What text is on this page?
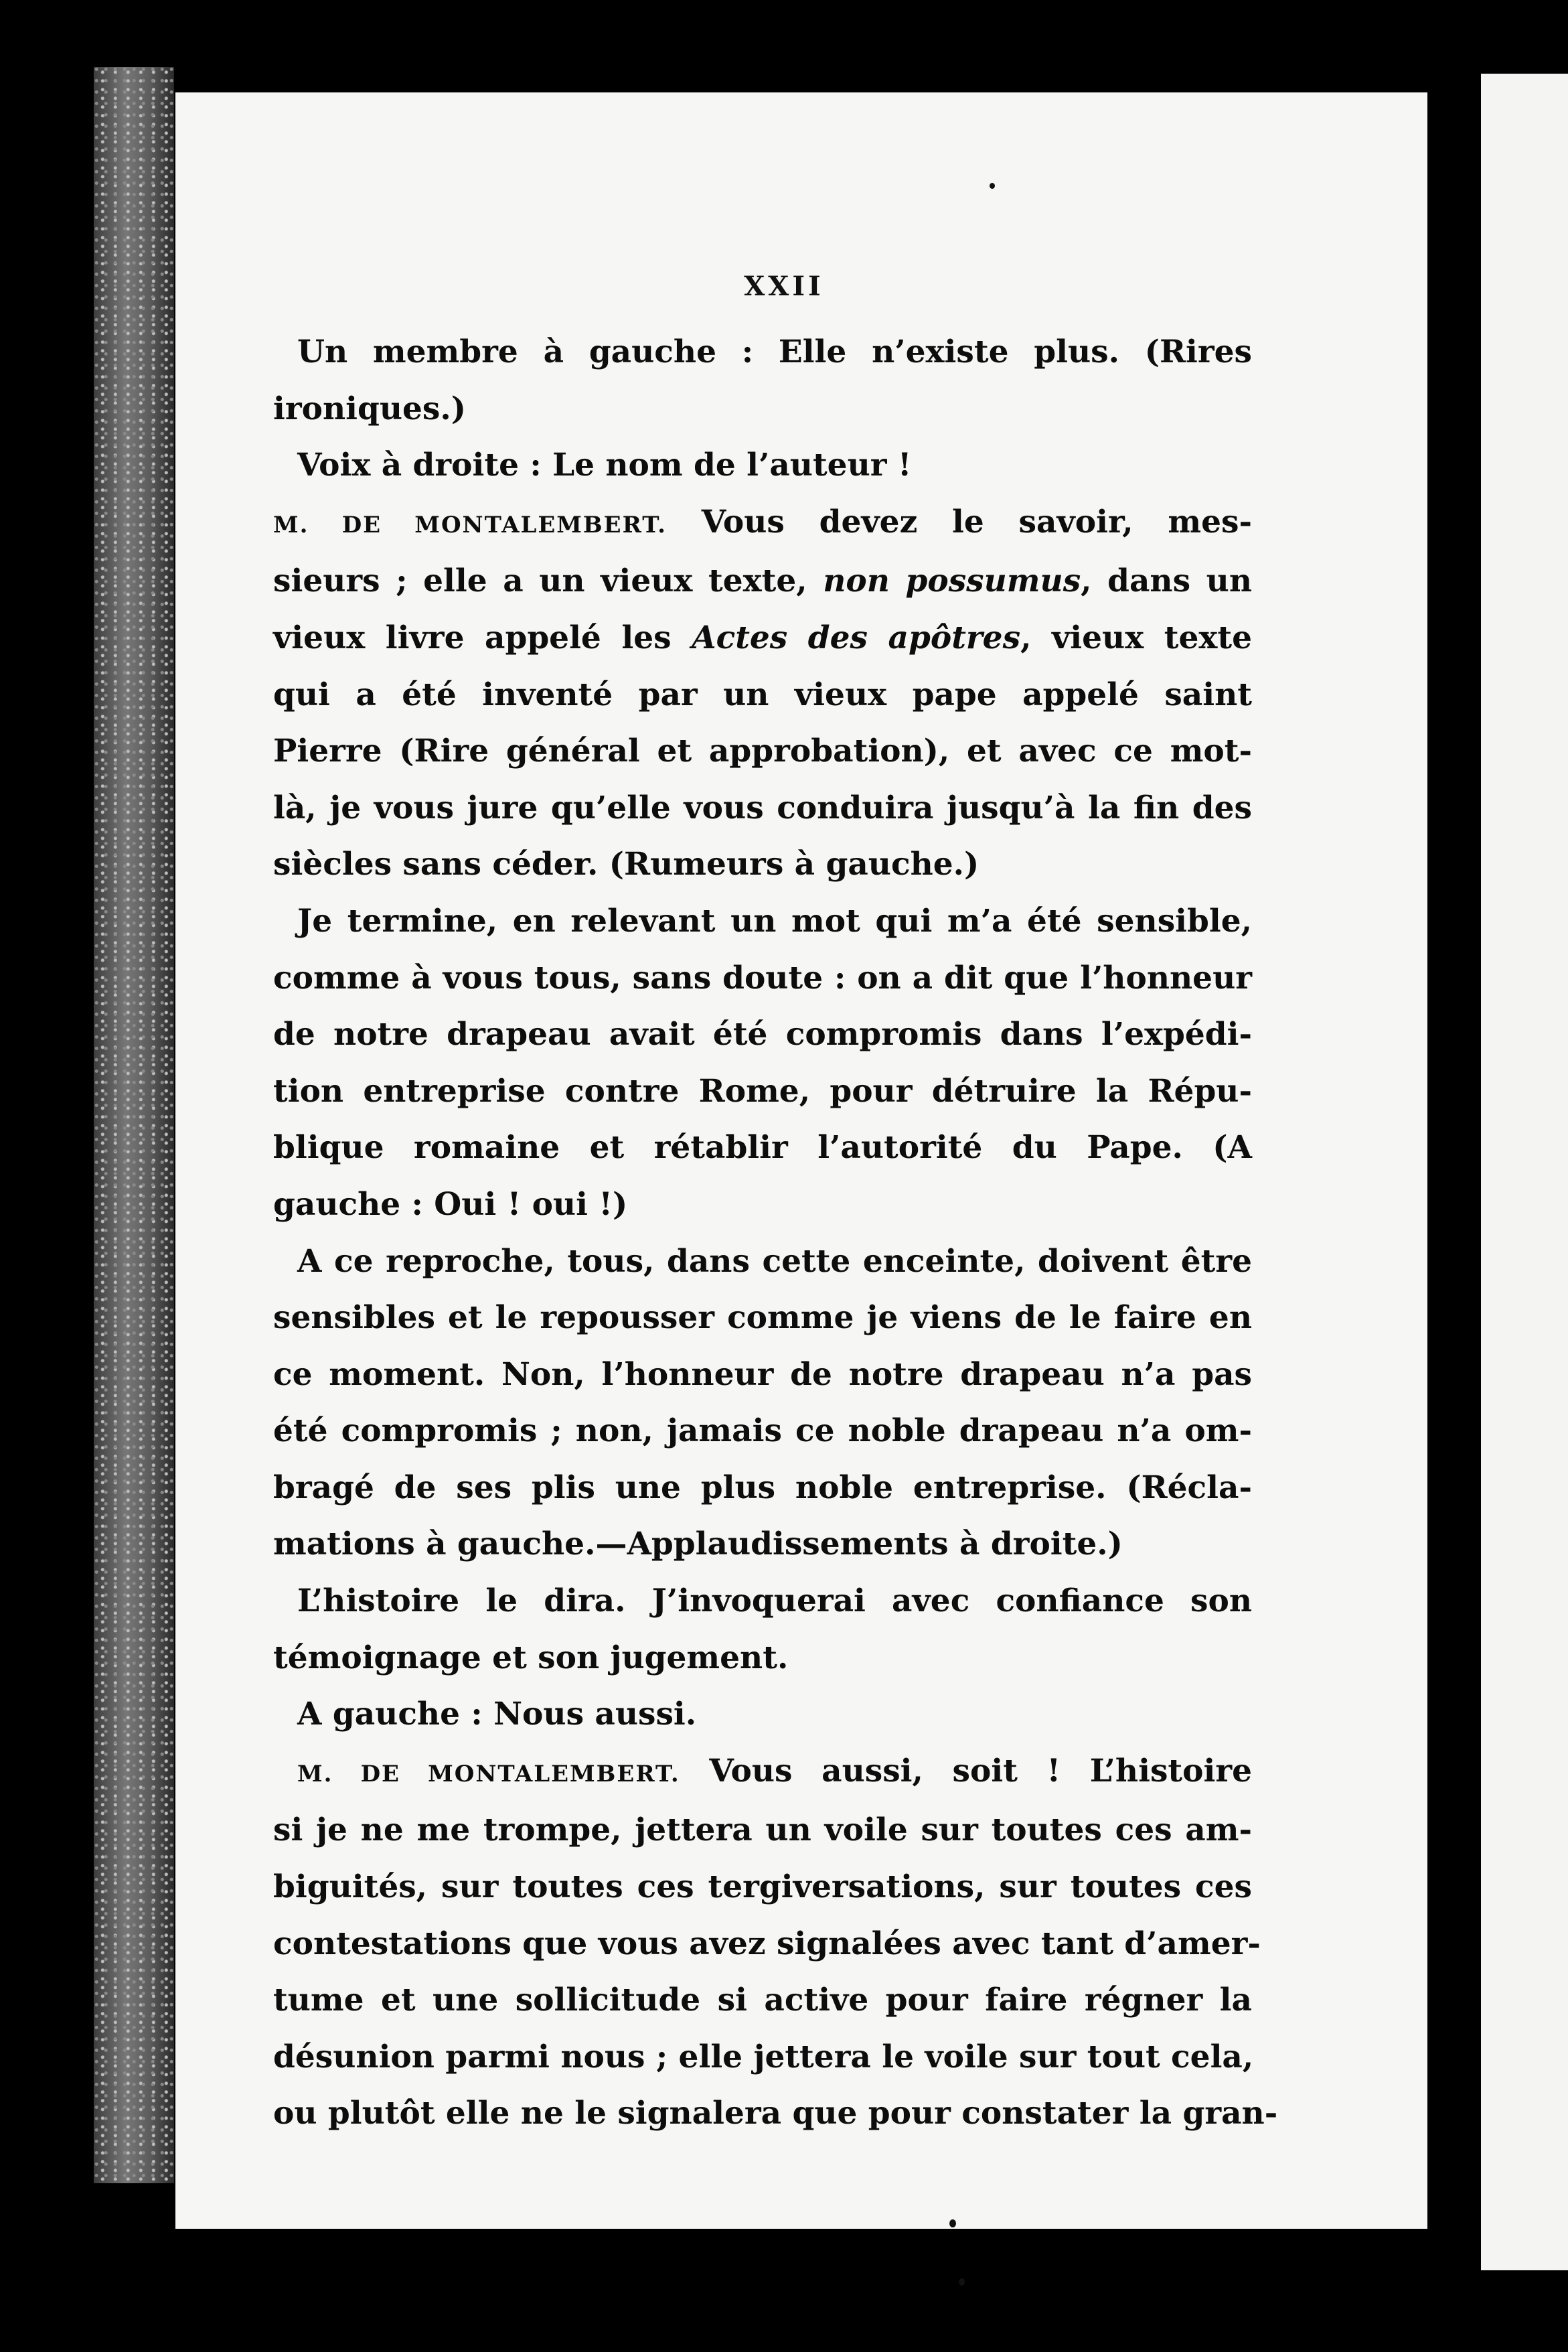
XXII
Un membre à gauche : Elle n’existe plus. (Rires
ironiques.)
Voix à droite : Le nom de l’auteur !
M. DE MONTALEMBERT. Vous devez le savoir, mes-
sieurs ; elle a un vieux texte, non possumus, dans un
vieux livre appelé les Actes des apôtres, vieux texte
qui a été inventé par un vieux pape appelé saint
Pierre (Rire général et approbation), et avec ce mot-
là, je vous jure qu’elle vous conduira jusqu’à la fin des
siècles sans céder. (Rumeurs à gauche.)
Je termine, en relevant un mot qui m’a été sensible,
comme à vous tous, sans doute : on a dit que l’honneur
de notre drapeau avait été compromis dans l’expédi-
tion entreprise contre Rome, pour détruire la Répu-
blique romaine et rétablir l’autorité du Pape. (A
gauche : Oui ! oui !)
A ce reproche, tous, dans cette enceinte, doivent être
sensibles et le repousser comme je viens de le faire en
ce moment. Non, l’honneur de notre drapeau n’a pas
été compromis ; non, jamais ce noble drapeau n’a om-
bragé de ses plis une plus noble entreprise. (Récla-
mations à gauche.—Applaudissements à droite.)
L’histoire le dira. J’invoquerai avec confiance son
témoignage et son jugement.
A gauche : Nous aussi.
M. DE MONTALEMBERT. Vous aussi, soit ! L’histoire
si je ne me trompe, jettera un voile sur toutes ces am-
biguités, sur toutes ces tergiversations, sur toutes ces
contestations que vous avez signalées avec tant d’amer-
tume et une sollicitude si active pour faire régner la
désunion parmi nous ; elle jettera le voile sur tout cela,
ou plutôt elle ne le signalera que pour constater la gran-
